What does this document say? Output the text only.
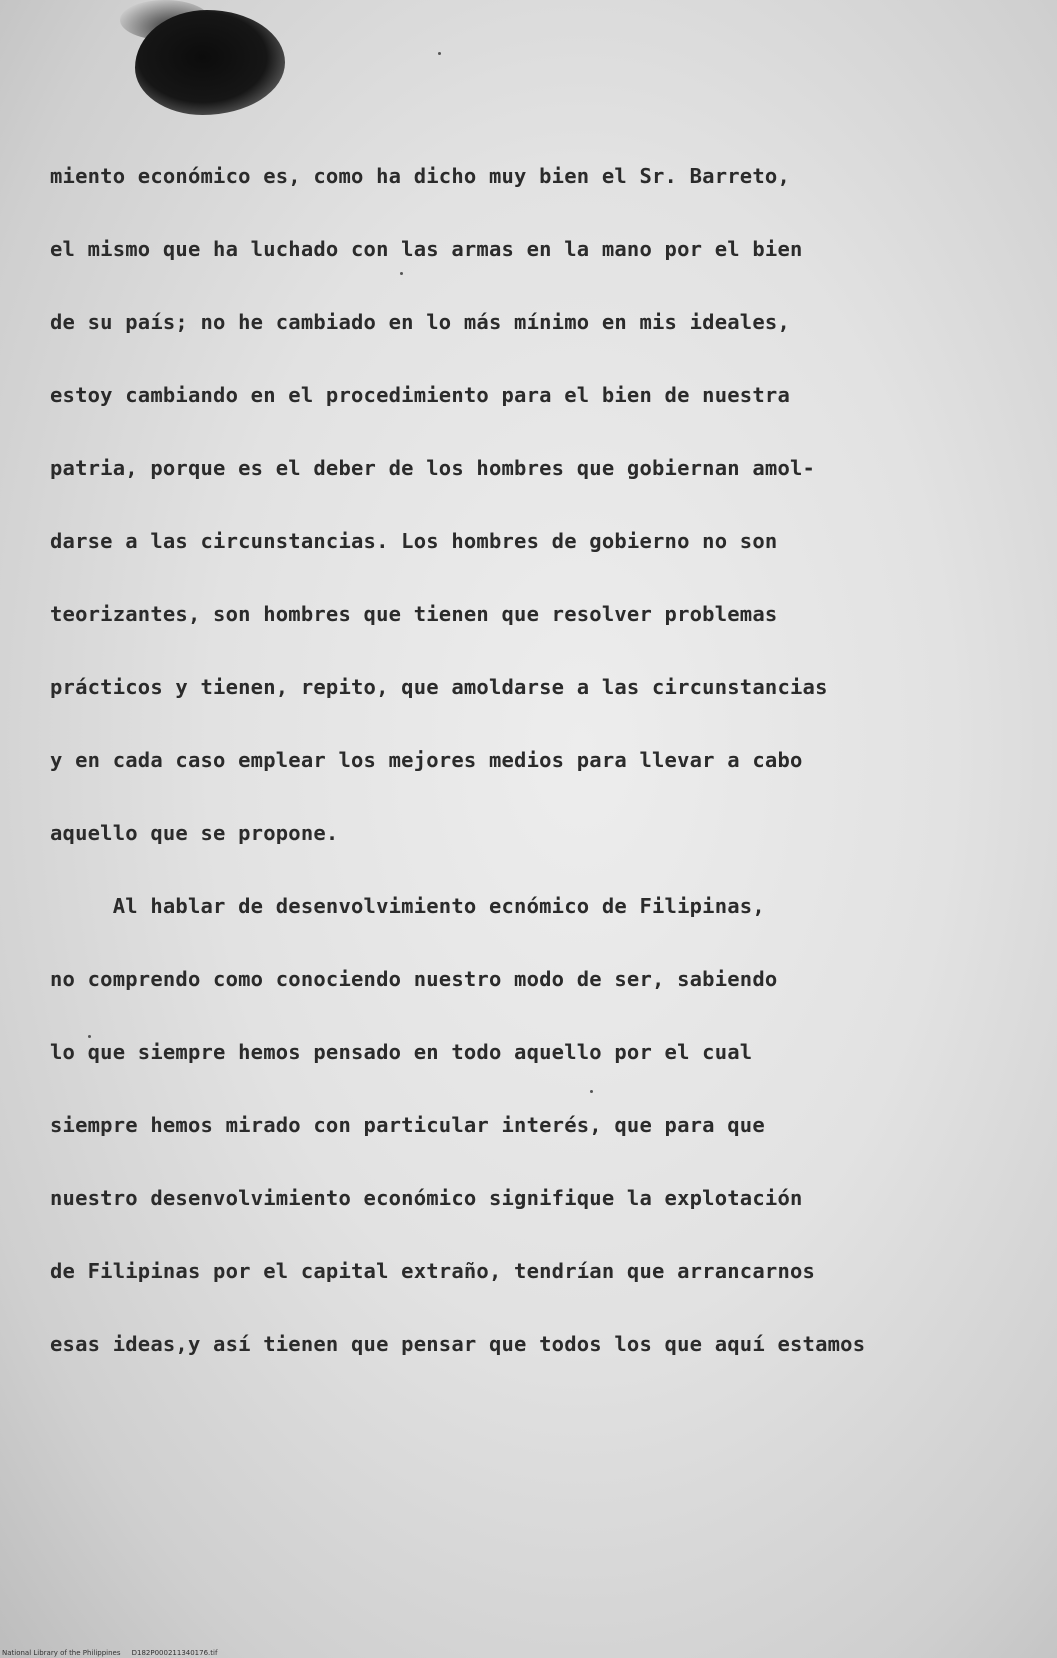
miento económico es, como ha dicho muy bien el Sr. Barreto,
el mismo que ha luchado con las armas en la mano por el bien
de su país; no he cambiado en lo más mínimo en mis ideales,
estoy cambiando en el procedimiento para el bien de nuestra
patria, porque es el deber de los hombres que gobiernan amol-
darse a las circunstancias. Los hombres de gobierno no son
teorizantes, son hombres que tienen que resolver problemas
prácticos y tienen, repito, que amoldarse a las circunstancias
y en cada caso emplear los mejores medios para llevar a cabo
aquello que se propone.
Al hablar de desenvolvimiento ecnómico de Filipinas,
no comprendo como conociendo nuestro modo de ser, sabiendo
lo que siempre hemos pensado en todo aquello por el cual
siempre hemos mirado con particular interés, que para que
nuestro desenvolvimiento económico signifique la explotación
de Filipinas por el capital extraño, tendrían que arrancarnos
esas ideas,y así tienen que pensar que todos los que aquí estamos
National Library of the Philippines     D182P000211340176.tif
